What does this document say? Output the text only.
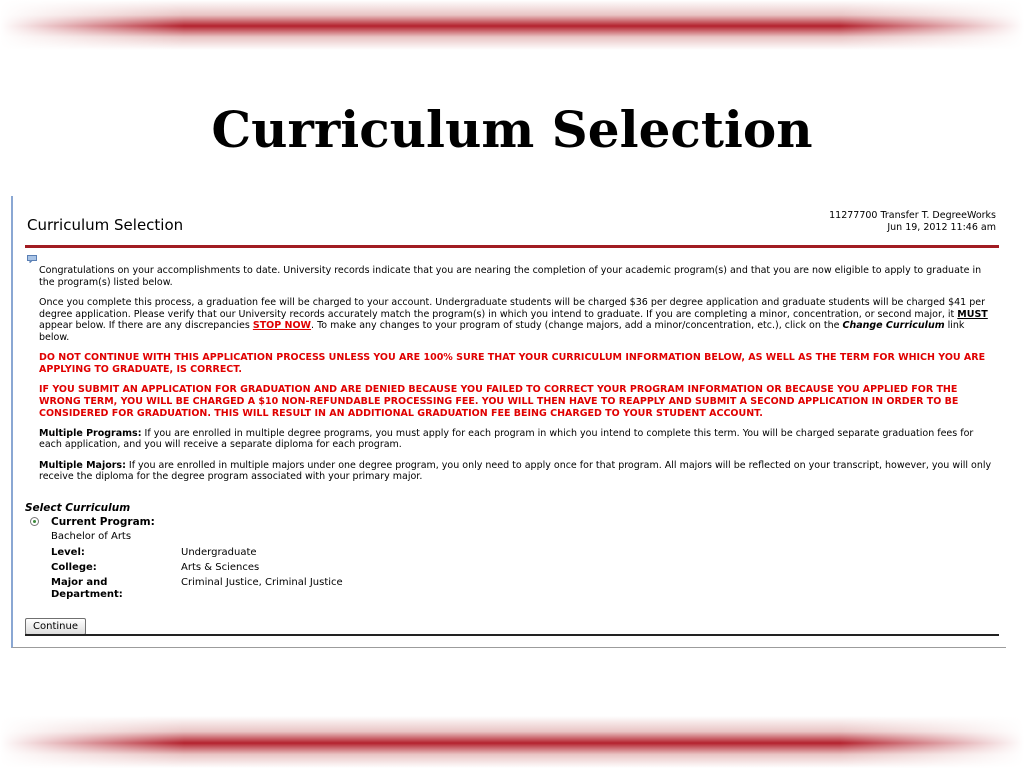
Curriculum Selection
Curriculum Selection
11277700 Transfer T. DegreeWorks
Jun 19, 2012 11:46 am

Congratulations on your accomplishments to date. University records indicate that you are nearing the completion of your academic program(s) and that you are now eligible to apply to graduate in the program(s) listed below.

Once you complete this process, a graduation fee will be charged to your account. Undergraduate students will be charged $36 per degree application and graduate students will be charged $41 per degree application. Please verify that our University records accurately match the program(s) in which you intend to graduate. If you are completing a minor, concentration, or second major, it MUST appear below. If there are any discrepancies STOP NOW. To make any changes to your program of study (change majors, add a minor/concentration, etc.), click on the Change Curriculum link below.

DO NOT CONTINUE WITH THIS APPLICATION PROCESS UNLESS YOU ARE 100% SURE THAT YOUR CURRICULUM INFORMATION BELOW, AS WELL AS THE TERM FOR WHICH YOU ARE APPLYING TO GRADUATE, IS CORRECT.

IF YOU SUBMIT AN APPLICATION FOR GRADUATION AND ARE DENIED BECAUSE YOU FAILED TO CORRECT YOUR PROGRAM INFORMATION OR BECAUSE YOU APPLIED FOR THE WRONG TERM, YOU WILL BE CHARGED A $10 NON-REFUNDABLE PROCESSING FEE. YOU WILL THEN HAVE TO REAPPLY AND SUBMIT A SECOND APPLICATION IN ORDER TO BE CONSIDERED FOR GRADUATION. THIS WILL RESULT IN AN ADDITIONAL GRADUATION FEE BEING CHARGED TO YOUR STUDENT ACCOUNT.

Multiple Programs: If you are enrolled in multiple degree programs, you must apply for each program in which you intend to complete this term. You will be charged separate graduation fees for each application, and you will receive a separate diploma for each program.

Multiple Majors: If you are enrolled in multiple majors under one degree program, you only need to apply once for that program. All majors will be reflected on your transcript, however, you will only receive the diploma for the degree program associated with your primary major.

Select Curriculum
Current Program:
Bachelor of Arts
Level:	Undergraduate
College:	Arts & Sciences
Major and
Department:
Criminal Justice, Criminal Justice
Continue
